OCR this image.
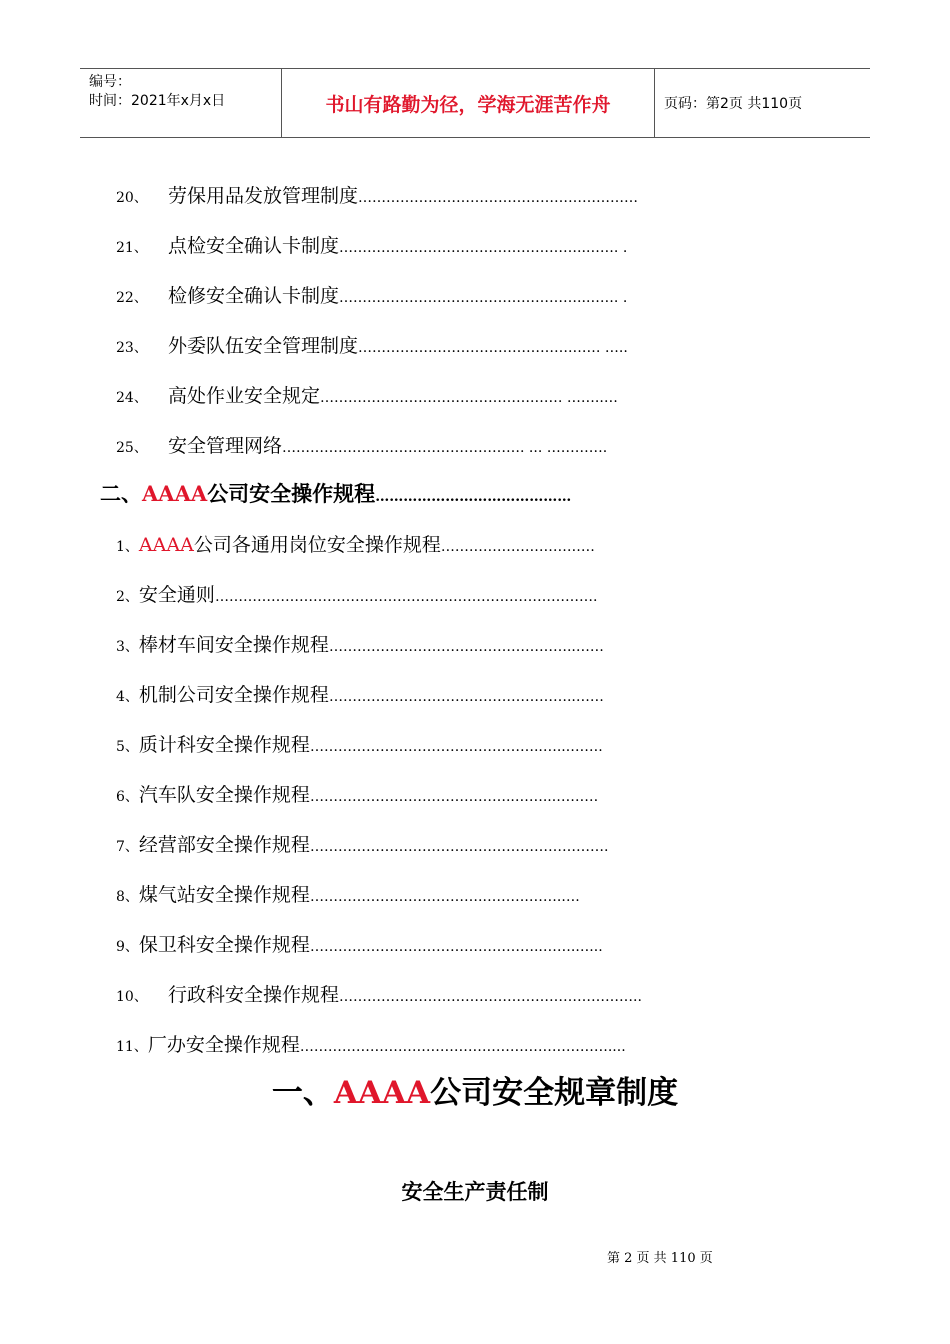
编号：
时间：2021年x月x日	书山有路勤为径，学海无涯苦作舟	页码：第2页 共110页
20、	劳保用品发放管理制度 ……………………………………………………
21、	点检安全确认卡制度 ……………………………………………..……. .
22、	检修安全确认卡制度 ……………………………………………..……. .
23、	外委队伍安全管理制度 ……………………………………….…… …..
24、	高处作业安全规定 ……………………………………….…… ……..…
25、	安全管理网络 ……………………………………………. ... ………….
二、AAAA公司安全操作规程……………………………………
1、 AAAA 公司各通用岗位安全操作规程 ……………………………
2、 安全通则 ……………………………………………………………………….
3、 棒材车间安全操作规程 ……………………………………………..……
4、 机制公司安全操作规程 ……………………………………………..……
5、 质计科安全操作规程 …………………………………………..…...…….
6、 汽车队安全操作规程 ……………………………………..……...………
7、 经营部安全操作规程 ……………………………………………………….
8、 煤气站安全操作规程 ……………………………….……….…….….
9、 保卫科安全操作规程 …………………………………………..…….…...
10、	行政科安全操作规程 ………………………………………………………..
11、 厂办安全操作规程 …………………………………………………………....
一、AAAA公司安全规章制度
安全生产责任制
第 2 页 共 110 页
